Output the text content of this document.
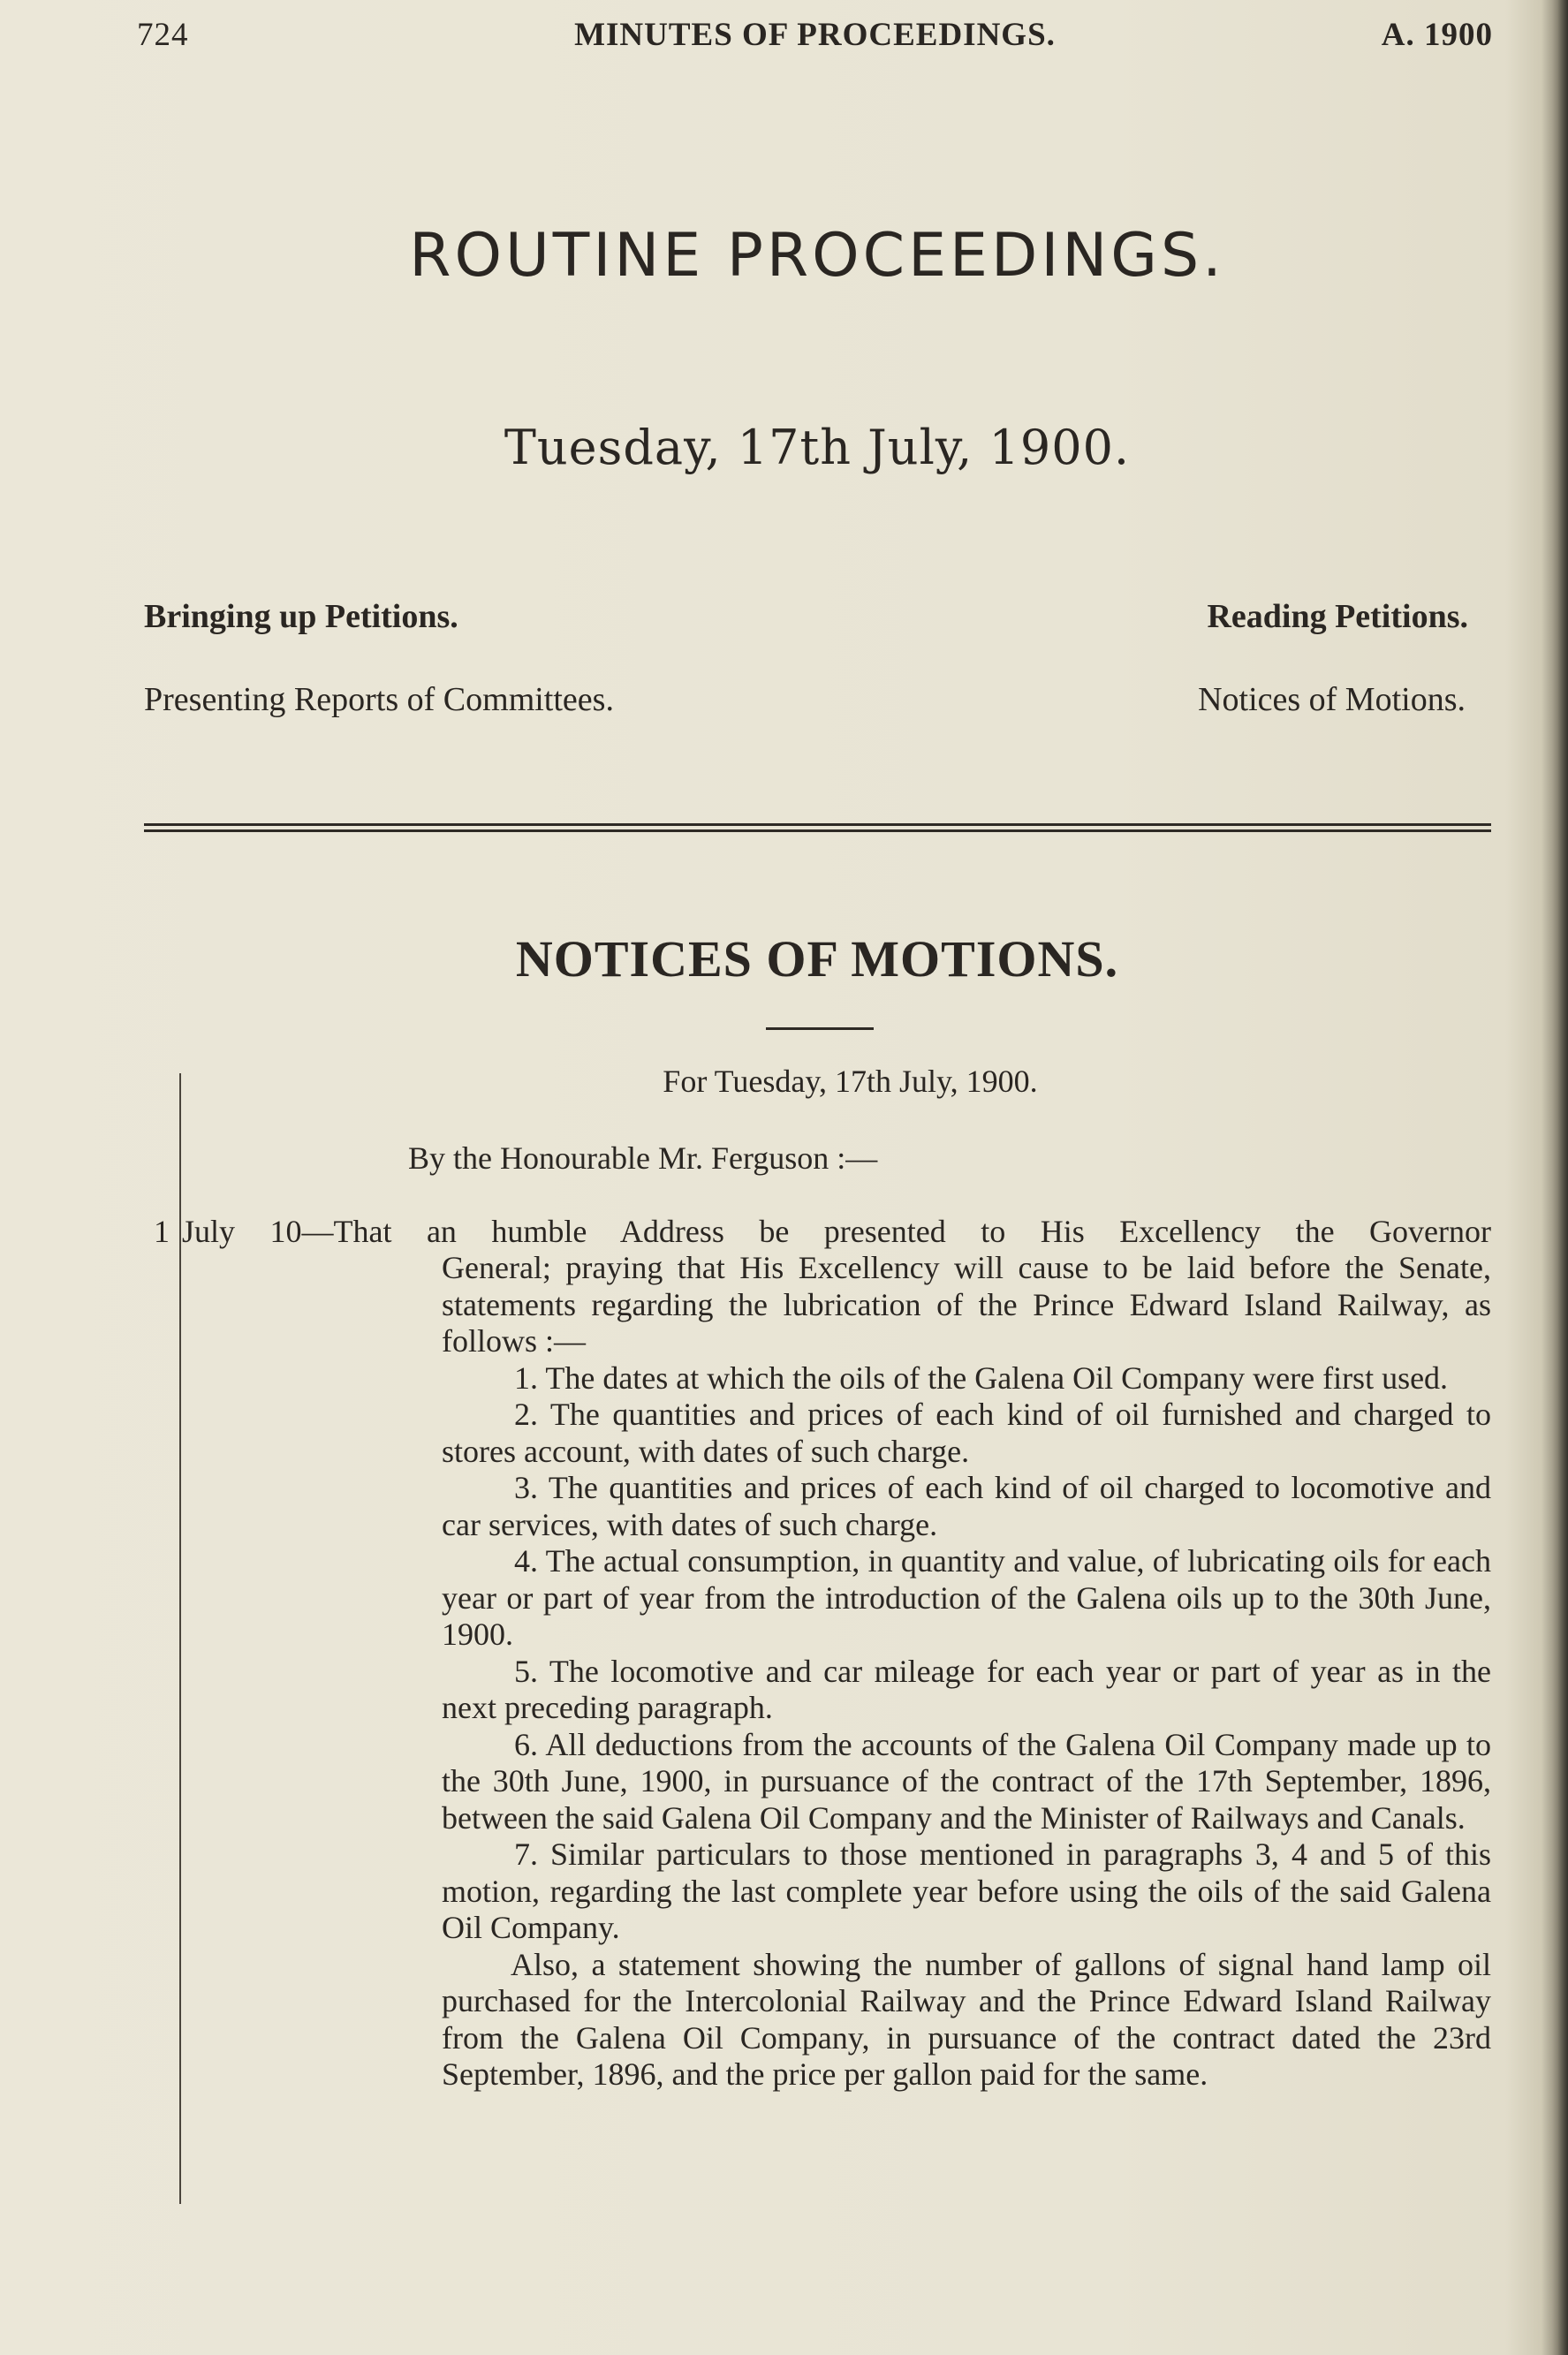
724	MINUTES OF PROCEEDINGS.	A. 1900
ROUTINE PROCEEDINGS.
Tuesday, 17th July, 1900.
Bringing up Petitions.	Reading Petitions.
Presenting Reports of Committees.	Notices of Motions.
NOTICES OF MOTIONS.
For Tuesday, 17th July, 1900.
By the Honourable Mr. Ferguson :—
1 July 10—That an humble Address be presented to His Excellency the Governor

General; praying that His Excellency will cause to be laid before the Senate, statements regarding the lubrication of the Prince Edward Island Railway, as follows :—

1. The dates at which the oils of the Galena Oil Company were first used.

2. The quantities and prices of each kind of oil furnished and charged to stores account, with dates of such charge.

3. The quantities and prices of each kind of oil charged to locomotive and car services, with dates of such charge.

4. The actual consumption, in quantity and value, of lubricating oils for each year or part of year from the introduction of the Galena oils up to the 30th June, 1900.

5. The locomotive and car mileage for each year or part of year as in the next preceding paragraph.

6. All deductions from the accounts of the Galena Oil Company made up to the 30th June, 1900, in pursuance of the contract of the 17th September, 1896, between the said Galena Oil Company and the Minister of Railways and Canals.

7. Similar particulars to those mentioned in paragraphs 3, 4 and 5 of this motion, regarding the last complete year before using the oils of the said Galena Oil Company.

Also, a statement showing the number of gallons of signal hand lamp oil purchased for the Intercolonial Railway and the Prince Edward Island Railway from the Galena Oil Company, in pursuance of the contract dated the 23rd September, 1896, and the price per gallon paid for the same.
